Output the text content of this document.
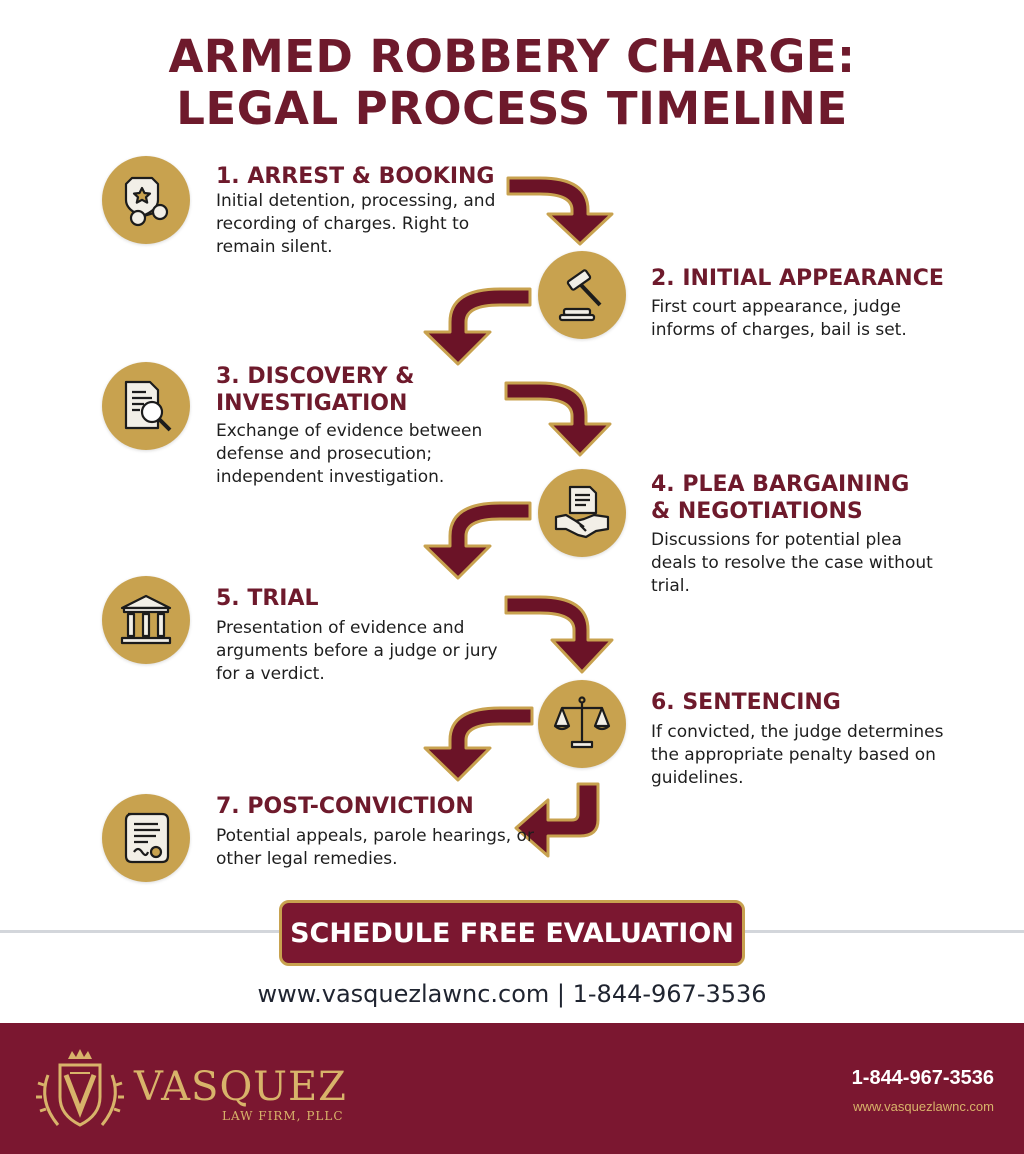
ARMED ROBBERY CHARGE:
LEGAL PROCESS TIMELINE
1. ARREST & BOOKING
Initial detention, processing, and recording of charges. Right to remain silent.
2. INITIAL APPEARANCE
First court appearance, judge informs of charges, bail is set.
3. DISCOVERY &
INVESTIGATION
Exchange of evidence between defense and prosecution; independent investigation.	4. PLEA BARGAINING
& NEGOTIATIONS
Discussions for potential plea deals to resolve the case without trial.
5. TRIAL
Presentation of evidence and arguments before a judge or jury for a verdict.
6. SENTENCING
If convicted, the judge determines the appropriate penalty based on guidelines.
7. POST-CONVICTION
Potential appeals, parole hearings, or other legal remedies.
SCHEDULE FREE EVALUATION
www.vasquezlawnc.com | 1-844-967-3536
VASQUEZ
LAW FIRM, PLLC
1-844-967-3536
www.vasquezlawnc.com
